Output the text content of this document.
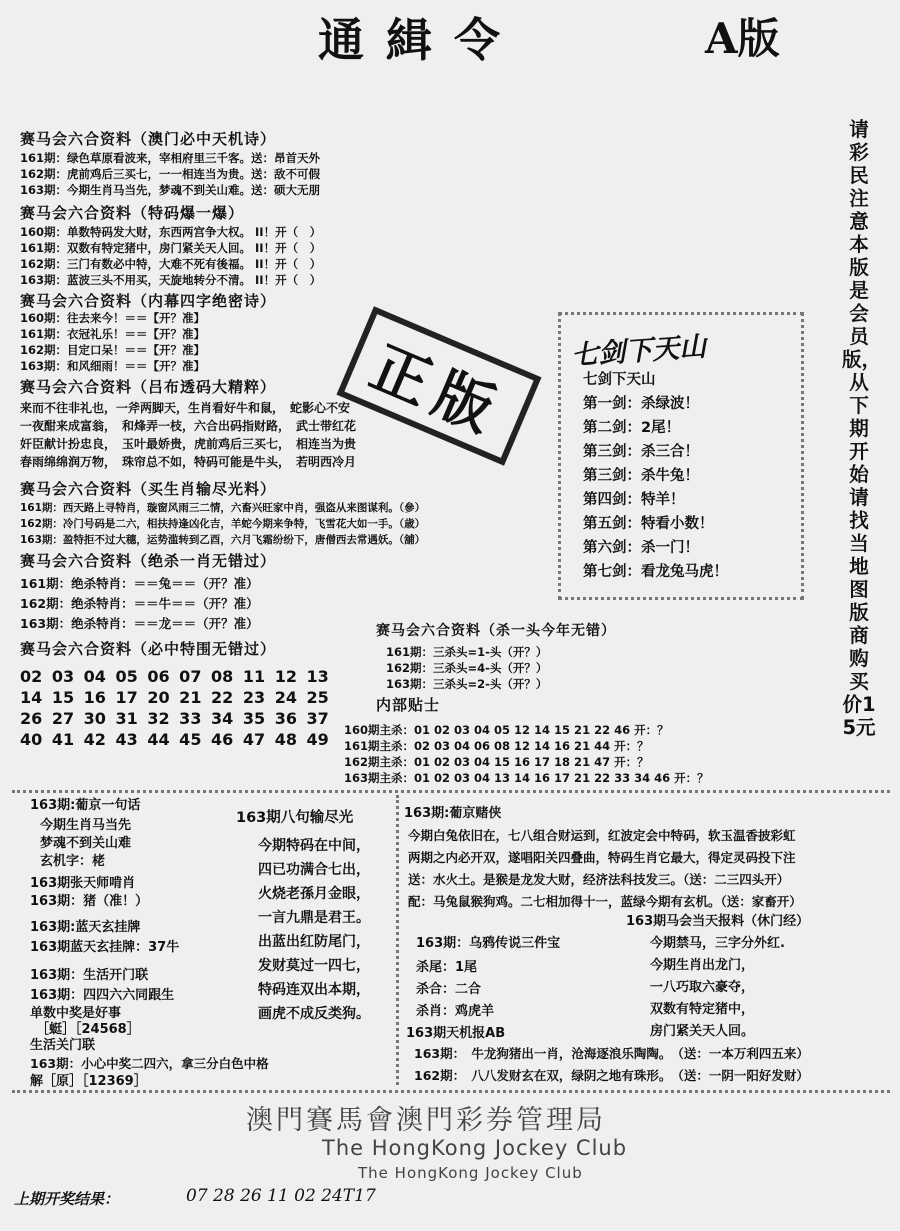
通緝令	A版
请彩民注意本版是会员版，从下期开始请找当地图版商购买价15元
赛马会六合资料（澳门必中天机诗）
161期：绿色草原看波来，宰相府里三千客。送：昂首天外
162期：虎前鸡后三买七，一一相连当为贵。送：敌不可假
163期：今期生肖马当先，梦魂不到关山难。送：硕大无朋
赛马会六合资料（特码爆一爆）
160期：单数特码发大财，东西两宫争大权。 II！开（　）
161期：双数有特定猪中，房门紧关天人回。 II！开（　）
162期：三门有数必中特，大难不死有後福。 II！开（　）
163期：蓝波三头不用买，天旋地转分不清。 II！开（　）
赛马会六合资料（内幕四字绝密诗）
160期：往去来今！＝＝【开？准】
161期：衣冠礼乐！＝＝【开？准】
162期：目定口呆！＝＝【开？准】
163期：和风细雨！＝＝【开？准】
赛马会六合资料（吕布透码大精粹）
来而不往非礼也，一斧两脚天，生肖看好牛和鼠，　蛇影心不安
一夜酣来成富翁，　和烽弄一枝，六合出码指财路，　武士带红花
奸臣献计扮忠良，　玉叶最娇贵，虎前鸡后三买七，　相连当为贵
春雨绵绵润万物，　珠帘总不如，特码可能是牛头，　若明西冷月
赛马会六合资料（买生肖输尽光料）
161期：西天路上寻特肖，璇窗风雨三二情，六畜兴旺家中肖，强盗从来图谋利。（參）
162期：冷门号码是二六，相扶持逢凶化吉，羊蛇今期来争特，飞雪花大如一手。（歳）
163期：盈特拒不过大穗，运势滥转到乙酉，六月飞霜纷纷下，唐僧西去常遇妖。（舖）
赛马会六合资料（绝杀一肖无错过）
161期：绝杀特肖：＝＝兔＝＝（开？准）
162期：绝杀特肖：＝＝牛＝＝（开？准）
163期：绝杀特肖：＝＝龙＝＝（开？准）
赛马会六合资料（必中特围无错过）
02 03 04 05 06 07 08 11 12 13
14 15 16 17 20 21 22 23 24 25
26 27 30 31 32 33 34 35 36 37
40 41 42 43 44 45 46 47 48 49
正版 七剑下天山
七剑下天山
第一剑：杀绿波！
第二剑：2尾！
第三剑：杀三合！
第三剑：杀牛兔！
第四剑：特羊！
第五剑：特看小数！
第六剑：杀一门！
第七剑：看龙兔马虎！
赛马会六合资料（杀一头今年无错）
161期：三杀头=1-头（开？）
162期：三杀头=4-头（开？）
163期：三杀头=2-头（开？）
内部贴士
160期主杀：01 02 03 04 05 12 14 15 21 22 46 开：？
161期主杀：02 03 04 06 08 12 14 16 21 44 开：？
162期主杀：01 02 03 04 15 16 17 18 21 47 开：？
163期主杀：01 02 03 04 13 14 16 17 21 22 33 34 46 开：？
163期:葡京一句话
今期生肖马当先
梦魂不到关山难
玄机字：栳
163期张天师啃肖
163期：猪（准！）
163期:蓝天玄挂牌
163期蓝天玄挂牌：37牛
163期：生活开门联
163期：四四六六同跟生
单数中奖是好事
［蜓］［24568］
生活关门联
163期：小心中奖二四六，拿三分白色中格
解［原］［12369］
163期八句输尽光
今期特码在中间，
四已功满合七出，
火烧老孫月金眼，
一言九鼎是君王。
出蓝出红防尾门，
发财莫过一四七，
特码连双出本期，
画虎不成反类狗。
163期:葡京赌侠
今期白兔依旧在，七八组合财运到，红波定会中特码，软玉温香披彩虹
两期之内必开双，遂唱阳关四叠曲，特码生肖它最大，得定灵码投下注
送：水火土。是猴是龙发大财，经济法科技发三。（送：二三四头开）
配：马兔鼠猴狗鸡。二七相加得十一，蓝绿今期有玄机。（送：家畜开）
163期马会当天报料（休门经）
今期禁马，三字分外红.
今期生肖出龙门，
一八巧取六豪夺，
双数有特定猪中，
房门紧关天人回。
163期：乌鸦传说三件宝
杀尾：1尾
杀合：二合
杀肖：鸡虎羊
163期天机报AB
163期：　牛龙狗猪出一肖，沧海逐浪乐陶陶。　（送：一本万利四五来）
162期：　八八发财玄在双，绿阴之地有珠形。　（送：一阴一阳好发财）
澳門賽馬會澳門彩券管理局
The HongKong Jockey Club
The HongKong Jockey Club
上期开奖结果：	07 28 26 11 02 24T17
